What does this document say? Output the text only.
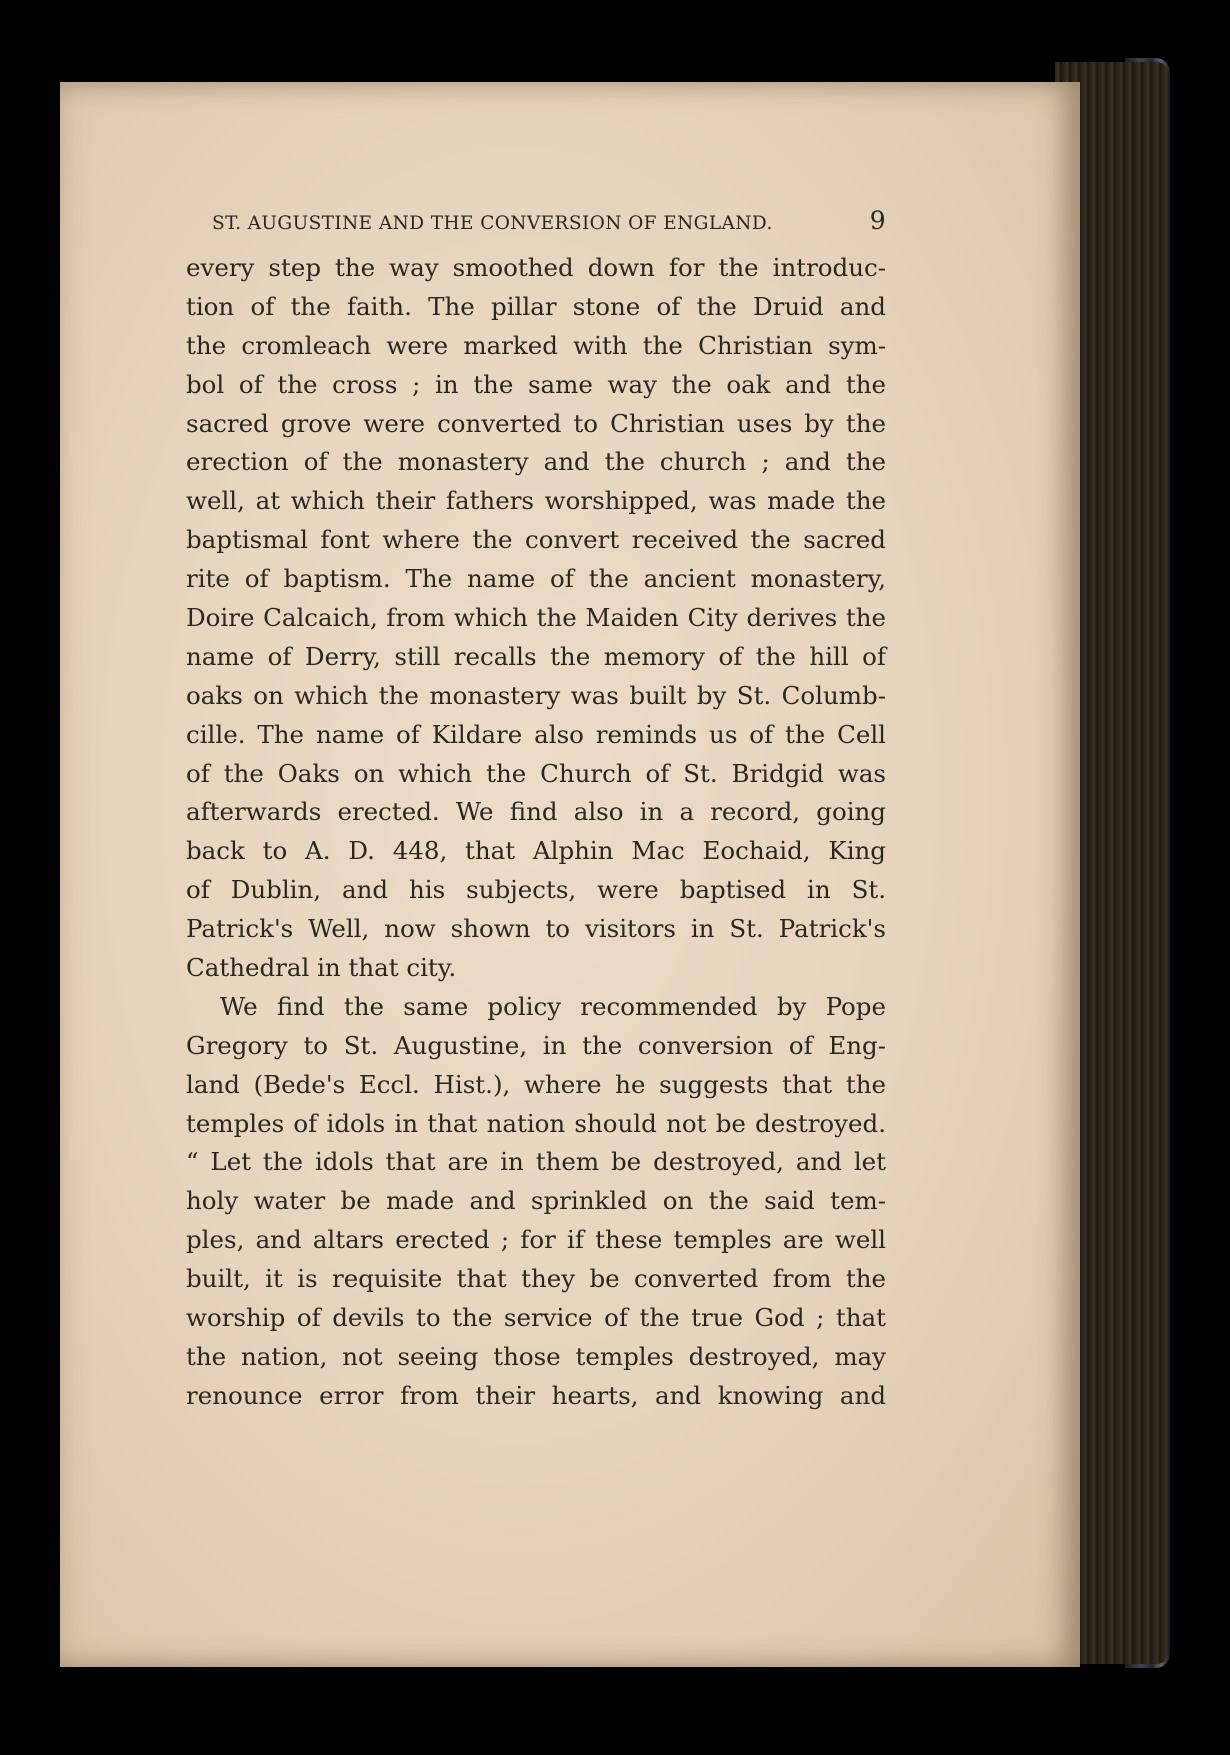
ST. AUGUSTINE AND THE CONVERSION OF ENGLAND.	9
every step the way smoothed down for the introduc-
tion of the faith. The pillar stone of the Druid and
the cromleach were marked with the Christian sym-
bol of the cross ; in the same way the oak and the
sacred grove were converted to Christian uses by the
erection of the monastery and the church ; and the
well, at which their fathers worshipped, was made the
baptismal font where the convert received the sacred
rite of baptism. The name of the ancient monastery,
Doire Calcaich, from which the Maiden City derives the
name of Derry, still recalls the memory of the hill of
oaks on which the monastery was built by St. Columb-
cille. The name of Kildare also reminds us of the Cell
of the Oaks on which the Church of St. Bridgid was
afterwards erected. We find also in a record, going
back to A. D. 448, that Alphin Mac Eochaid, King
of Dublin, and his subjects, were baptised in St.
Patrick's Well, now shown to visitors in St. Patrick's
Cathedral in that city.
We find the same policy recommended by Pope
Gregory to St. Augustine, in the conversion of Eng-
land (Bede's Eccl. Hist.), where he suggests that the
temples of idols in that nation should not be destroyed.
“ Let the idols that are in them be destroyed, and let
holy water be made and sprinkled on the said tem-
ples, and altars erected ; for if these temples are well
built, it is requisite that they be converted from the
worship of devils to the service of the true God ; that
the nation, not seeing those temples destroyed, may
renounce error from their hearts, and knowing and
